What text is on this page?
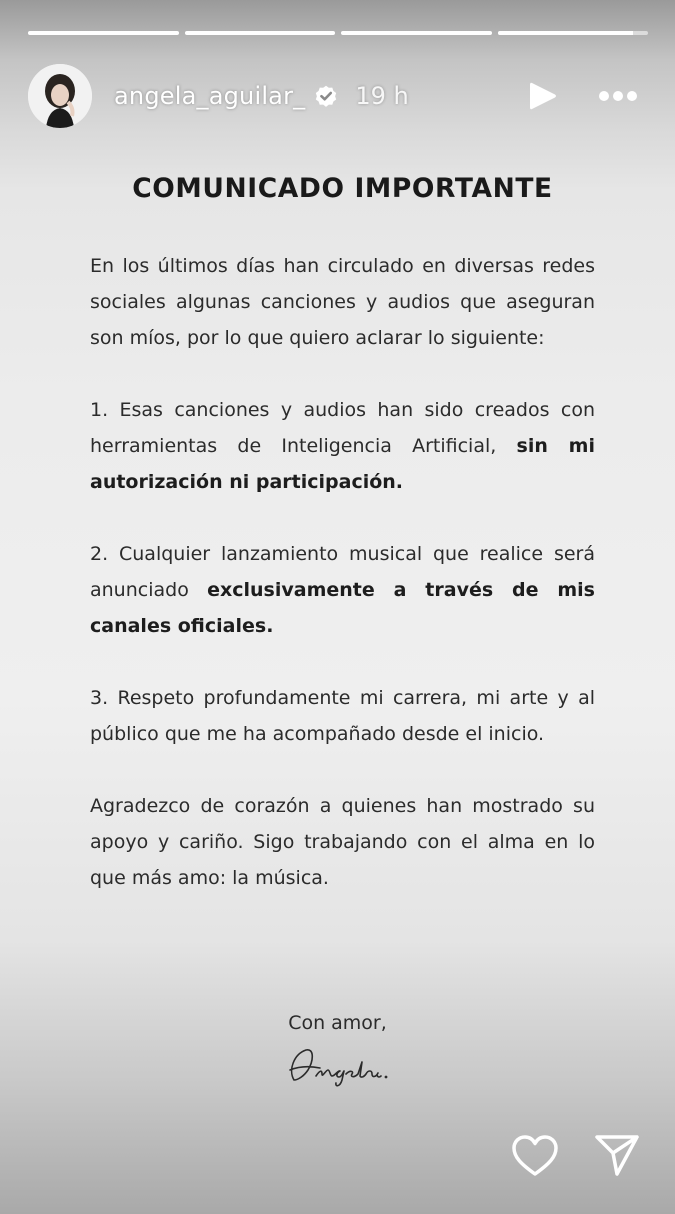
angela_aguilar_ 19 h
COMUNICADO IMPORTANTE

En los últimos días han circulado en diversas redes sociales algunas canciones y audios que aseguran son míos, por lo que quiero aclarar lo siguiente:

1. Esas canciones y audios han sido creados con herramientas de Inteligencia Artificial, sin mi autorización ni participación.

2. Cualquier lanzamiento musical que realice será anunciado exclusivamente a través de mis canales oficiales.

3. Respeto profundamente mi carrera, mi arte y al público que me ha acompañado desde el inicio.

Agradezco de corazón a quienes han mostrado su apoyo y cariño. Sigo trabajando con el alma en lo que más amo: la música.

Con amor,
